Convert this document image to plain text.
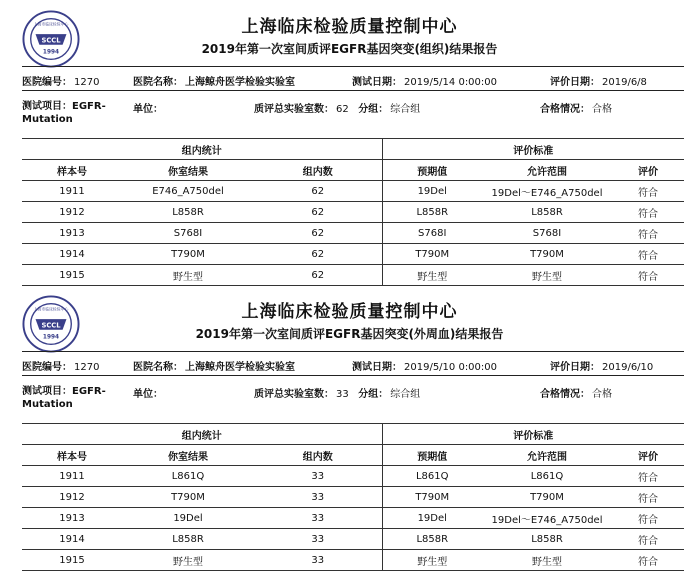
SCCL
1994
上海市临床检验中心	上海临床检验质量控制中心
2019年第一次室间质评EGFR基因突变(组织)结果报告
医院编号： 1270	医院名称： 上海鲸舟医学检验实验室	测试日期： 2019/5/14 0:00:00	评价日期： 2019/6/8
测试项目：EGFR-
Mutation
单位：	质评总实验室数： 62 分组： 综合组	合格情况： 合格
组内统计			评价标准		
样本号	你室结果	组内数	预期值	允许范围	评价
1911	E746_A750del	62	19Del	19Del～E746_A750del	符合
1912	L858R	62	L858R	L858R	符合
1913	S768I	62	S768I	S768I	符合
1914	T790M	62	T790M	T790M	符合
1915	野生型	62	野生型	野生型	符合
SCCL
1994
上海市临床检验中心	上海临床检验质量控制中心
2019年第一次室间质评EGFR基因突变(外周血)结果报告
医院编号： 1270	医院名称： 上海鲸舟医学检验实验室	测试日期： 2019/5/10 0:00:00	评价日期： 2019/6/10
测试项目：EGFR-
Mutation
单位：	质评总实验室数： 33 分组： 综合组	合格情况： 合格
组内统计			评价标准		
样本号	你室结果	组内数	预期值	允许范围	评价
1911	L861Q	33	L861Q	L861Q	符合
1912	T790M	33	T790M	T790M	符合
1913	19Del	33	19Del	19Del～E746_A750del	符合
1914	L858R	33	L858R	L858R	符合
1915	野生型	33	野生型	野生型	符合
